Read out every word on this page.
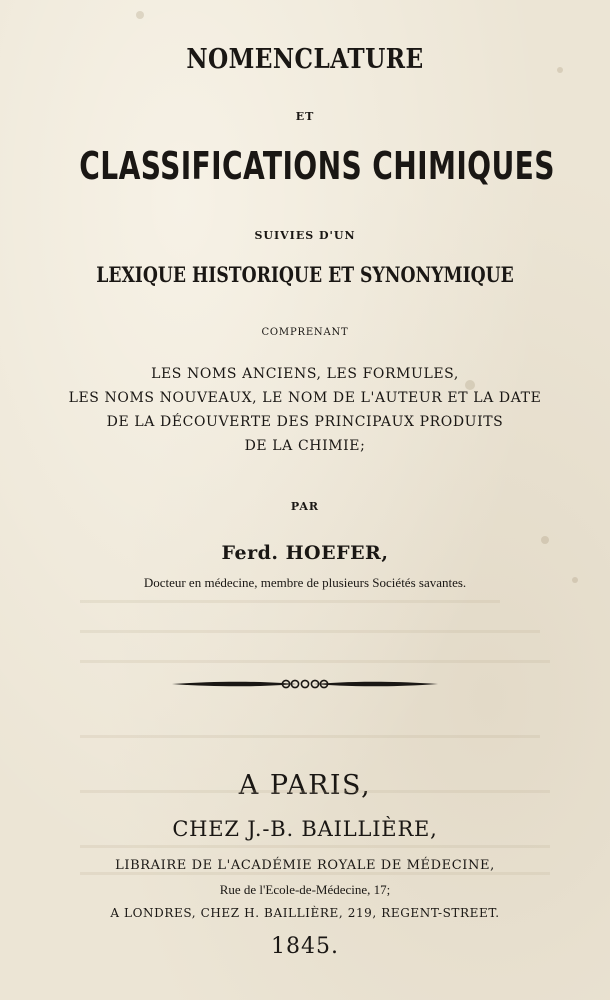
NOMENCLATURE
ET
CLASSIFICATIONS CHIMIQUES
SUIVIES D'UN
LEXIQUE HISTORIQUE ET SYNONYMIQUE
COMPRENANT
LES NOMS ANCIENS, LES FORMULES,
LES NOMS NOUVEAUX, LE NOM DE L'AUTEUR ET LA DATE
DE LA DÉCOUVERTE DES PRINCIPAUX PRODUITS
DE LA CHIMIE;
PAR
Ferd. HOEFER,
Docteur en médecine, membre de plusieurs Sociétés savantes.
A PARIS,
CHEZ J.-B. BAILLIÈRE,
LIBRAIRE DE L'ACADÉMIE ROYALE DE MÉDECINE,
Rue de l'Ecole-de-Médecine, 17;
A LONDRES, CHEZ H. BAILLIÈRE, 219, REGENT-STREET.
1845.
